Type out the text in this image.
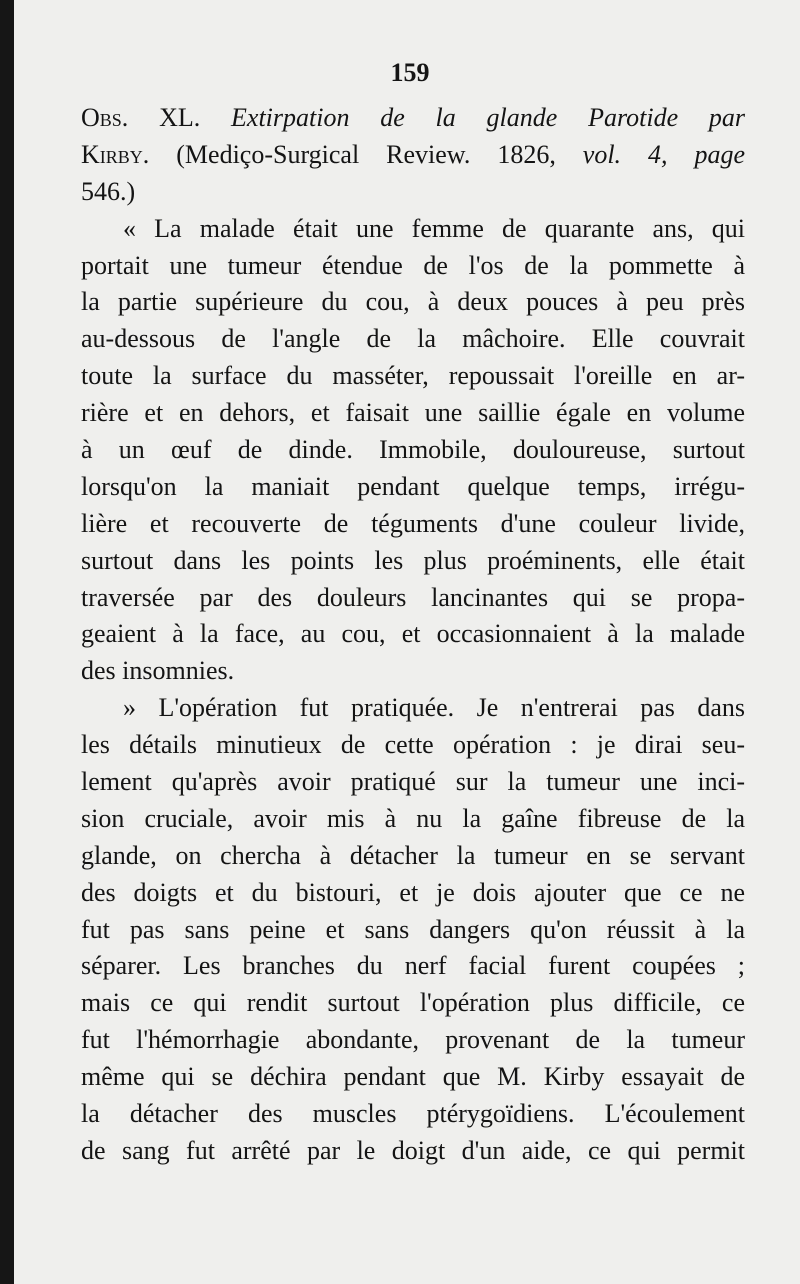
159
Obs. XL. Extirpation de la glande Parotide par
Kirby. (Mediço-Surgical Review. 1826, vol. 4, page
546.)
« La malade était une femme de quarante ans, qui
portait une tumeur étendue de l'os de la pommette à
la partie supérieure du cou, à deux pouces à peu près
au-dessous de l'angle de la mâchoire. Elle couvrait
toute la surface du masséter, repoussait l'oreille en ar-
rière et en dehors, et faisait une saillie égale en volume
à un œuf de dinde. Immobile, douloureuse, surtout
lorsqu'on la maniait pendant quelque temps, irrégu-
lière et recouverte de téguments d'une couleur livide,
surtout dans les points les plus proéminents, elle était
traversée par des douleurs lancinantes qui se propa-
geaient à la face, au cou, et occasionnaient à la malade
des insomnies.
» L'opération fut pratiquée. Je n'entrerai pas dans
les détails minutieux de cette opération : je dirai seu-
lement qu'après avoir pratiqué sur la tumeur une inci-
sion cruciale, avoir mis à nu la gaîne fibreuse de la
glande, on chercha à détacher la tumeur en se servant
des doigts et du bistouri, et je dois ajouter que ce ne
fut pas sans peine et sans dangers qu'on réussit à la
séparer. Les branches du nerf facial furent coupées ;
mais ce qui rendit surtout l'opération plus difficile, ce
fut l'hémorrhagie abondante, provenant de la tumeur
même qui se déchira pendant que M. Kirby essayait de
la détacher des muscles ptérygoïdiens. L'écoulement
de sang fut arrêté par le doigt d'un aide, ce qui permit
